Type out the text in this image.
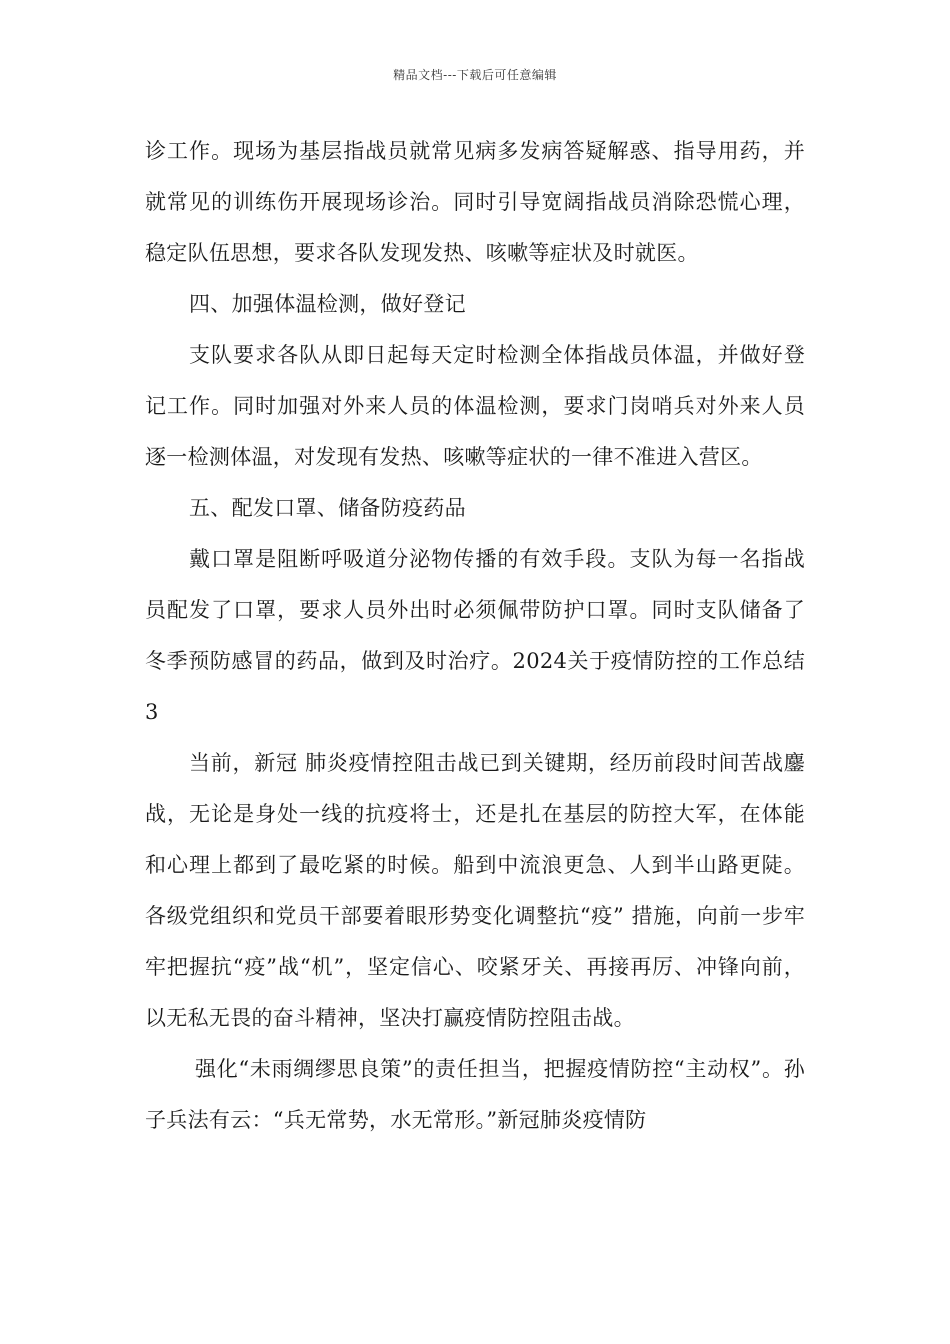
精品文档---下载后可任意编辑

诊工作。现场为基层指战员就常见病多发病答疑解惑、指导用药，并就常见的训练伤开展现场诊治。同时引导宽阔指战员消除恐慌心理，稳定队伍思想，要求各队发现发热、咳嗽等症状及时就医。

四、加强体温检测，做好登记

支队要求各队从即日起每天定时检测全体指战员体温，并做好登记工作。同时加强对外来人员的体温检测，要求门岗哨兵对外来人员逐一检测体温，对发现有发热、咳嗽等症状的一律不准进入营区。

五、配发口罩、储备防疫药品

戴口罩是阻断呼吸道分泌物传播的有效手段。支队为每一名指战员配发了口罩，要求人员外出时必须佩带防护口罩。同时支队储备了冬季预防感冒的药品，做到及时治疗。2024关于疫情防控的工作总结3

当前，新冠 肺炎疫情控阻击战已到关键期，经历前段时间苦战鏖战，无论是身处一线的抗疫将士，还是扎在基层的防控大军，在体能和心理上都到了最吃紧的时候。船到中流浪更急、人到半山路更陡。各级党组织和党员干部要着眼形势变化调整抗“疫” 措施，向前一步牢牢把握抗“疫”战“机”，坚定信心、咬紧牙关、再接再厉、冲锋向前，以无私无畏的奋斗精神，坚决打赢疫情防控阻击战。

强化“未雨绸缪思良策”的责任担当，把握疫情防控“主动权”。孙子兵法有云：“兵无常势，水无常形。”新冠肺炎疫情防
